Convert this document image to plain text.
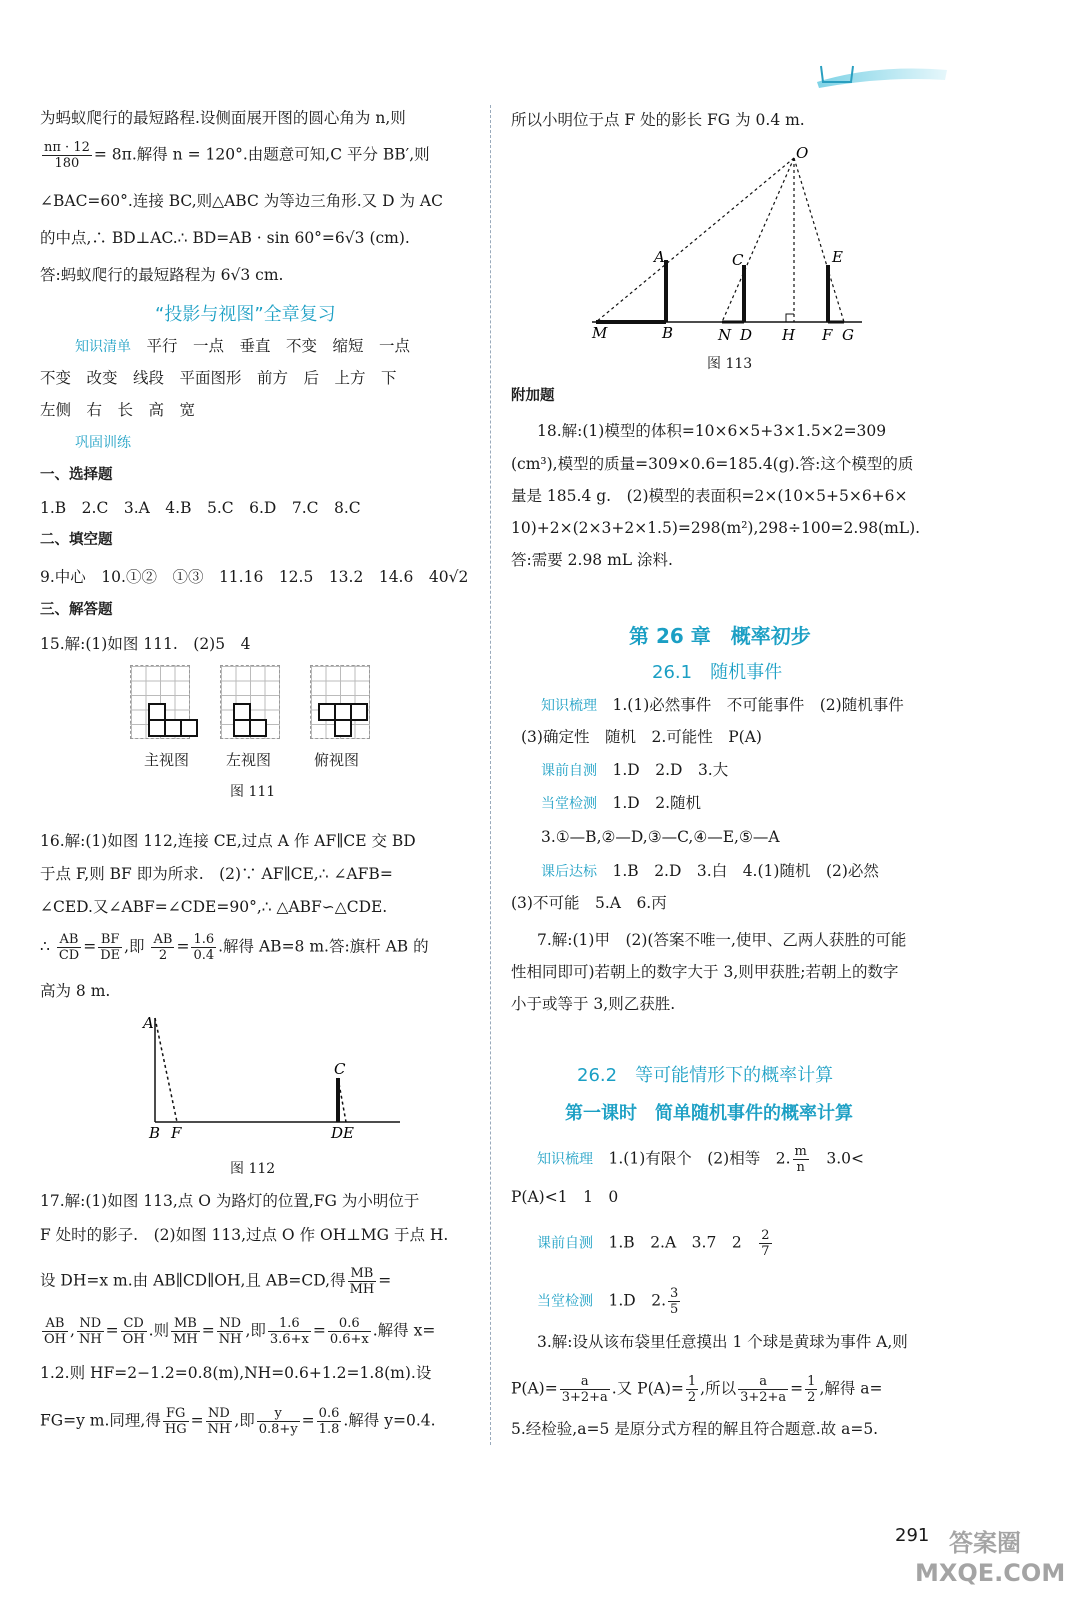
为蚂蚁爬行的最短路程.设侧面展开图的圆心角为 n,则
$\frac{n\pi \cdot 12}{180} = 8\pi$.解得 n = 120°.由题意可知,C 平分 BB′,则
∠BAC=60°.连接 BC,则△ABC 为等边三角形.又 D 为 AC
的中点,∴ BD⊥AC.∴ BD=AB · sin 60°=6√3 (cm).
答:蚂蚁爬行的最短路程为 6√3 cm.
“投影与视图”全章复习
知识清单　 平行　一点　垂直　不变　缩短　一点
不变　改变　线段　平面图形　前方　后　上方　下
左侧　右　长　高　宽
巩固训练
一、选择题
1.B　2.C　3.A　4.B　5.C　6.D　7.C　8.C
二、填空题
9.中心　10.①②　①③　11.16　12.5　13.2　14.6　40√2
三、解答题
15.解:(1)如图 111.　(2)5　4
主视图 左视图	俯视图
图 111
16.解:(1)如图 112,连接 CE,过点 A 作 AF∥CE 交 BD
于点 F,则 BF 即为所求.　(2)∵ AF∥CE,∴ ∠AFB=
∠CED.又∠ABF=∠CDE=90°,∴ △ABF∽△CDE.
∴ $\frac{AB}{CD} = \frac{BF}{DE}$ ,即 $\frac{AB}{2} = \frac{1.6}{0.4}$ .解得 AB=8 m.答:旗杆 AB 的
高为 8 m.
A
B F
C
DE
图 112
17.解:(1)如图 113,点 O 为路灯的位置,FG 为小明位于
F 处时的影子.　(2)如图 113,过点 O 作 OH⊥MG 于点 H.
设 DH=x m.由 AB∥CD∥OH,且 AB=CD,得 $\frac{MB}{MH}$ =
$\frac{AB}{OH}$ , $\frac{ND}{NH} = \frac{CD}{OH}$ .则 $\frac{MB}{MH} = \frac{ND}{NH}$ ,即 $\frac{1.6}{3.6+x} = \frac{0.6}{0.6+x}$ .解得 x=
1.2.则 HF=2−1.2=0.8(m),NH=0.6+1.2=1.8(m).设
FG=y m.同理,得 $\frac{FG}{HG} = \frac{ND}{NH}$ ,即 $\frac{y}{0.8+y} = \frac{0.6}{1.8}$ .解得 y=0.4.
所以小明位于点 F 处的影长 FG 为 0.4 m.
O
A	C	E
M	B	N D H F G
图 113
附加题
18.解:(1)模型的体积=10×6×5+3×1.5×2=309
(cm³),模型的质量=309×0.6=185.4(g).答:这个模型的质
量是 185.4 g.　(2)模型的表面积=2×(10×5+5×6+6×
10)+2×(2×3+2×1.5)=298(m²),298÷100=2.98(mL).
答:需要 2.98 mL 涂料.
第 26 章　概率初步
26.1　随机事件
知识梳理　 1.(1)必然事件　不可能事件　(2)随机事件
(3)确定性　随机　2.可能性　P(A)
课前自测　 1.D　2.D　3.大
当堂检测　 1.D　2.随机
3.①—B,②—D,③—C,④—E,⑤—A
课后达标　 1.B　2.D　3.白　4.(1)随机　(2)必然
(3)不可能　5.A　6.丙
7.解:(1)甲　(2)(答案不唯一,使甲、乙两人获胜的可能
性相同即可)若朝上的数字大于 3,则甲获胜;若朝上的数字
小于或等于 3,则乙获胜.
26.2　等可能情形下的概率计算
第一课时　简单随机事件的概率计算
知识梳理　 1.(1)有限个　(2)相等　2. $\frac{m}{n}$
　 3.0<
P(A)<1　1　0
课前自测　 1.B　2.A　3.7　2　 $\frac{2}{7}$
当堂检测　 1.D　2. $\frac{3}{5}$
3.解:设从该布袋里任意摸出 1 个球是黄球为事件 A,则
$P(A)= \frac{a}{3+2+a}$ .又 $P(A)= \frac{1}{2}$ ,所以 $\frac{a}{3+2+a} = \frac{1}{2}$ ,解得 a=
5.经检验,a=5 是原分式方程的解且符合题意.故 a=5.
291 答案圈 MXQE.COM
